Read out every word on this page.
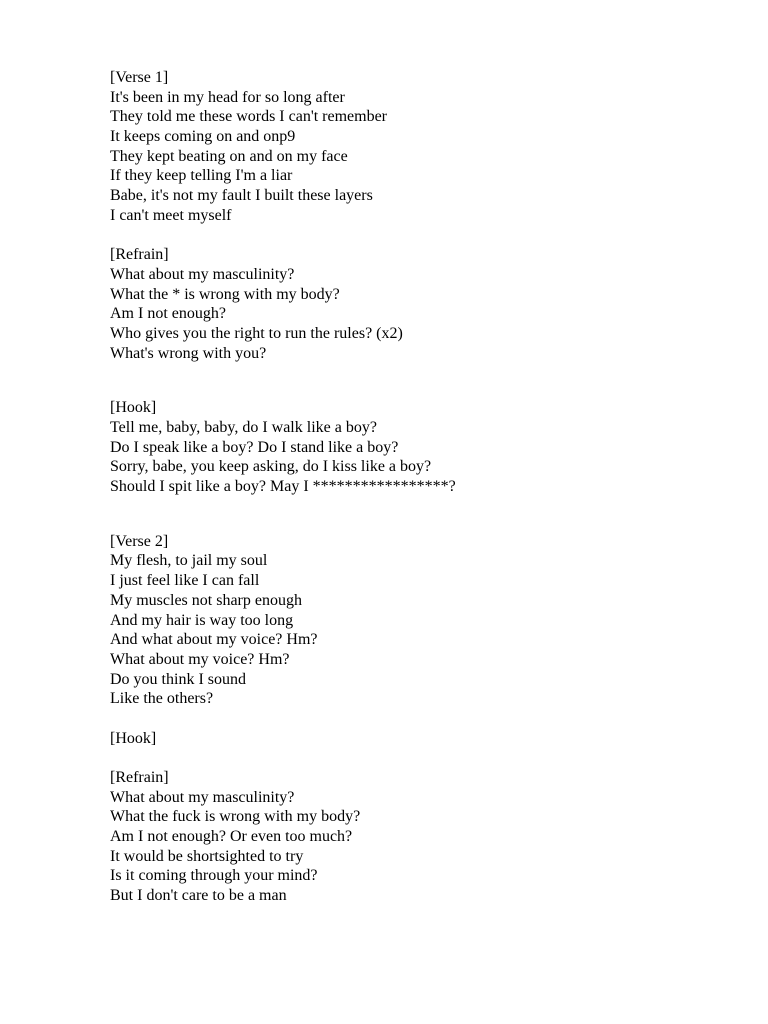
[Verse 1]
It's been in my head for so long after
They told me these words I can't remember
It keeps coming on and onp9
They kept beating on and on my face
If they keep telling I'm a liar
Babe, it's not my fault I built these layers
I can't meet myself
[Refrain]
What about my masculinity?
What the * is wrong with my body?
Am I not enough?
Who gives you the right to run the rules? (x2)
What's wrong with you?
[Hook]
Tell me, baby, baby, do I walk like a boy?
Do I speak like a boy? Do I stand like a boy?
Sorry, babe, you keep asking, do I kiss like a boy?
Should I spit like a boy? May I *****************?
[Verse 2]
My flesh, to jail my soul
I just feel like I can fall
My muscles not sharp enough
And my hair is way too long
And what about my voice? Hm?
What about my voice? Hm?
Do you think I sound
Like the others?
[Hook]
[Refrain]
What about my masculinity?
What the fuck is wrong with my body?
Am I not enough? Or even too much?
It would be shortsighted to try
Is it coming through your mind?
But I don't care to be a man
